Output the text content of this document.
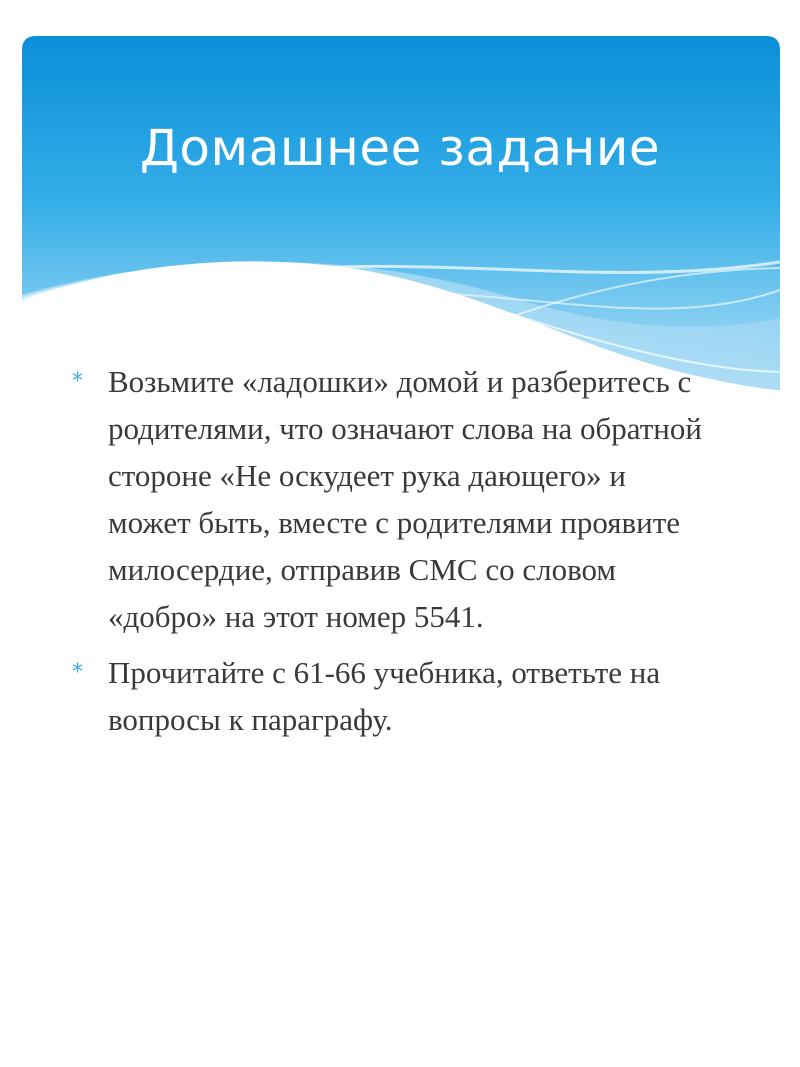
Домашнее задание
* Возьмите «ладошки» домой и разберитесь с родителями, что означают слова на обратной стороне «Не оскудеет рука дающего» и может быть, вместе с родителями проявите милосердие, отправив СМС со словом «добро» на этот номер 5541.
* Прочитайте с 61-66 учебника, ответьте на вопросы к параграфу.
